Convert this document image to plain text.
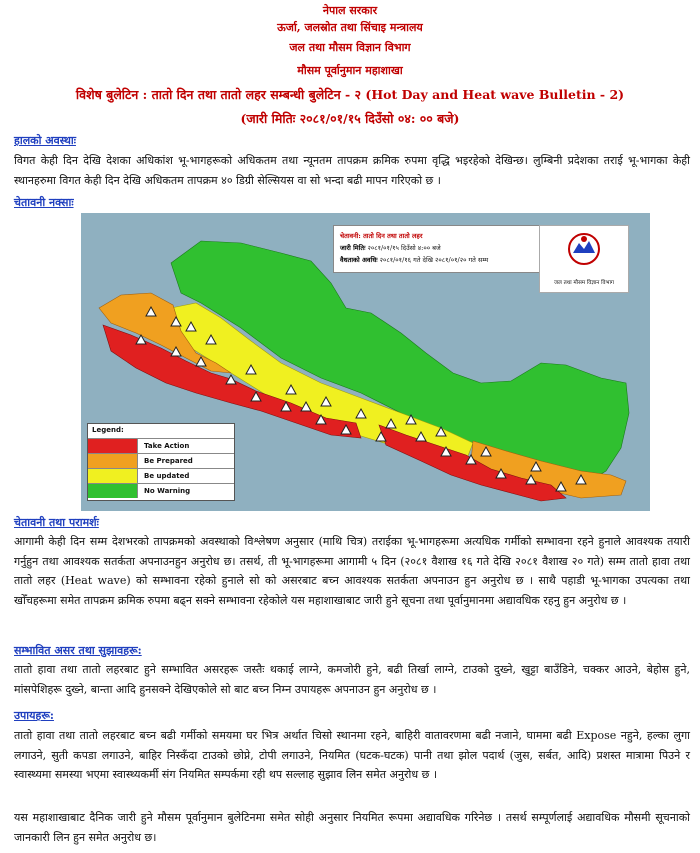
नेपाल सरकार
ऊर्जा, जलस्रोत तथा सिंचाइ मन्त्रालय
जल तथा मौसम विज्ञान विभाग
मौसम पूर्वानुमान महाशाखा
विशेष बुलेटिन : तातो दिन तथा तातो लहर सम्बन्धी बुलेटिन - २ (Hot Day and Heat wave Bulletin - 2)
(जारी मितिः २०८१/०१/१५ दिउँसो ०४: ०० बजे)
हालको अवस्थाः
विगत केही दिन देखि देशका अधिकांश भू-भागहरूको अधिकतम तथा न्यूनतम तापक्रम क्रमिक रुपमा वृद्धि भइरहेको देखिन्छ। लुम्बिनी प्रदेशका तराई भू-भागका केही स्थानहरुमा विगत केही दिन देखि अधिकतम तापक्रम ४० डिग्री सेल्सियस वा सो भन्दा बढी मापन गरिएको छ ।
चेतावनी नक्साः
चेतावनी: तातो दिन तथा तातो लहर
जारी मितिः २०८१/०१/१५ दिउँसो ४:०० बजे
वैधताको अवधिः २०८१/०१/१६ गते देखि २०८१/०१/२० गते सम्म
जल तथा मौसम विज्ञान विभाग
Legend:
Take Action
Be Prepared
Be updated
No Warning
चेतावनी तथा परामर्शः
आगामी केही दिन सम्म देशभरको तापक्रमको अवस्थाको विश्लेषण अनुसार (माथि चित्र) तराईका भू-भागहरूमा अत्यधिक गर्मीको सम्भावना रहने हुनाले आवश्यक तयारी गर्नुहुन तथा आवश्यक सतर्कता अपनाउनहुन अनुरोध छ। तसर्थ, ती भू-भागहरूमा आगामी ५ दिन (२०८१ वैशाख १६ गते देखि २०८१ वैशाख २० गते) सम्म तातो हावा तथा तातो लहर (Heat wave) को सम्भावना रहेको हुनाले सो को असरबाट बच्न आवश्यक सतर्कता अपनाउन हुन अनुरोध छ । साथै पहाडी भू-भागका उपत्यका तथा खोँचहरूमा समेत तापक्रम क्रमिक रुपमा बढ्न सक्ने सम्भावना रहेकोले यस महाशाखाबाट जारी हुने सूचना तथा पूर्वानुमानमा अद्यावधिक रहनु हुन अनुरोध छ ।
सम्भावित असर तथा सुझावहरू:
तातो हावा तथा तातो लहरबाट हुने सम्भावित असरहरू जस्तैः थकाई लाग्ने, कमजोरी हुने, बढी तिर्खा लाग्ने, टाउको दुख्ने, खुट्टा बाउँडिने, चक्कर आउने, बेहोस हुने, मांसपेशिहरू दुख्ने, बान्ता आदि हुनसक्ने देखिएकोले सो बाट बच्न निम्न उपायहरू अपनाउन हुन अनुरोध छ ।
उपायहरू:
तातो हावा तथा तातो लहरबाट बच्न बढी गर्मीको समयमा घर भित्र अर्थात चिसो स्थानमा रहने, बाहिरी वातावरणमा बढी नजाने, घाममा बढी Expose नहुने, हल्का लुगा लगाउने, सुती कपडा लगाउने, बाहिर निस्कँदा टाउको छोप्ने, टोपी लगाउने, नियमित (घटक-घटक) पानी तथा झोल पदार्थ (जुस, सर्बत, आदि) प्रशस्त मात्रामा पिउने र स्वास्थ्यमा समस्या भएमा स्वास्थ्यकर्मी संग नियमित सम्पर्कमा रही थप सल्लाह सुझाव लिन समेत अनुरोध छ ।
यस महाशाखाबाट दैनिक जारी हुने मौसम पूर्वानुमान बुलेटिनमा समेत सोही अनुसार नियमित रूपमा अद्यावधिक गरिनेछ । तसर्थ सम्पूर्णलाई अद्यावधिक मौसमी सूचनाको जानकारी लिन हुन समेत अनुरोध छ।
